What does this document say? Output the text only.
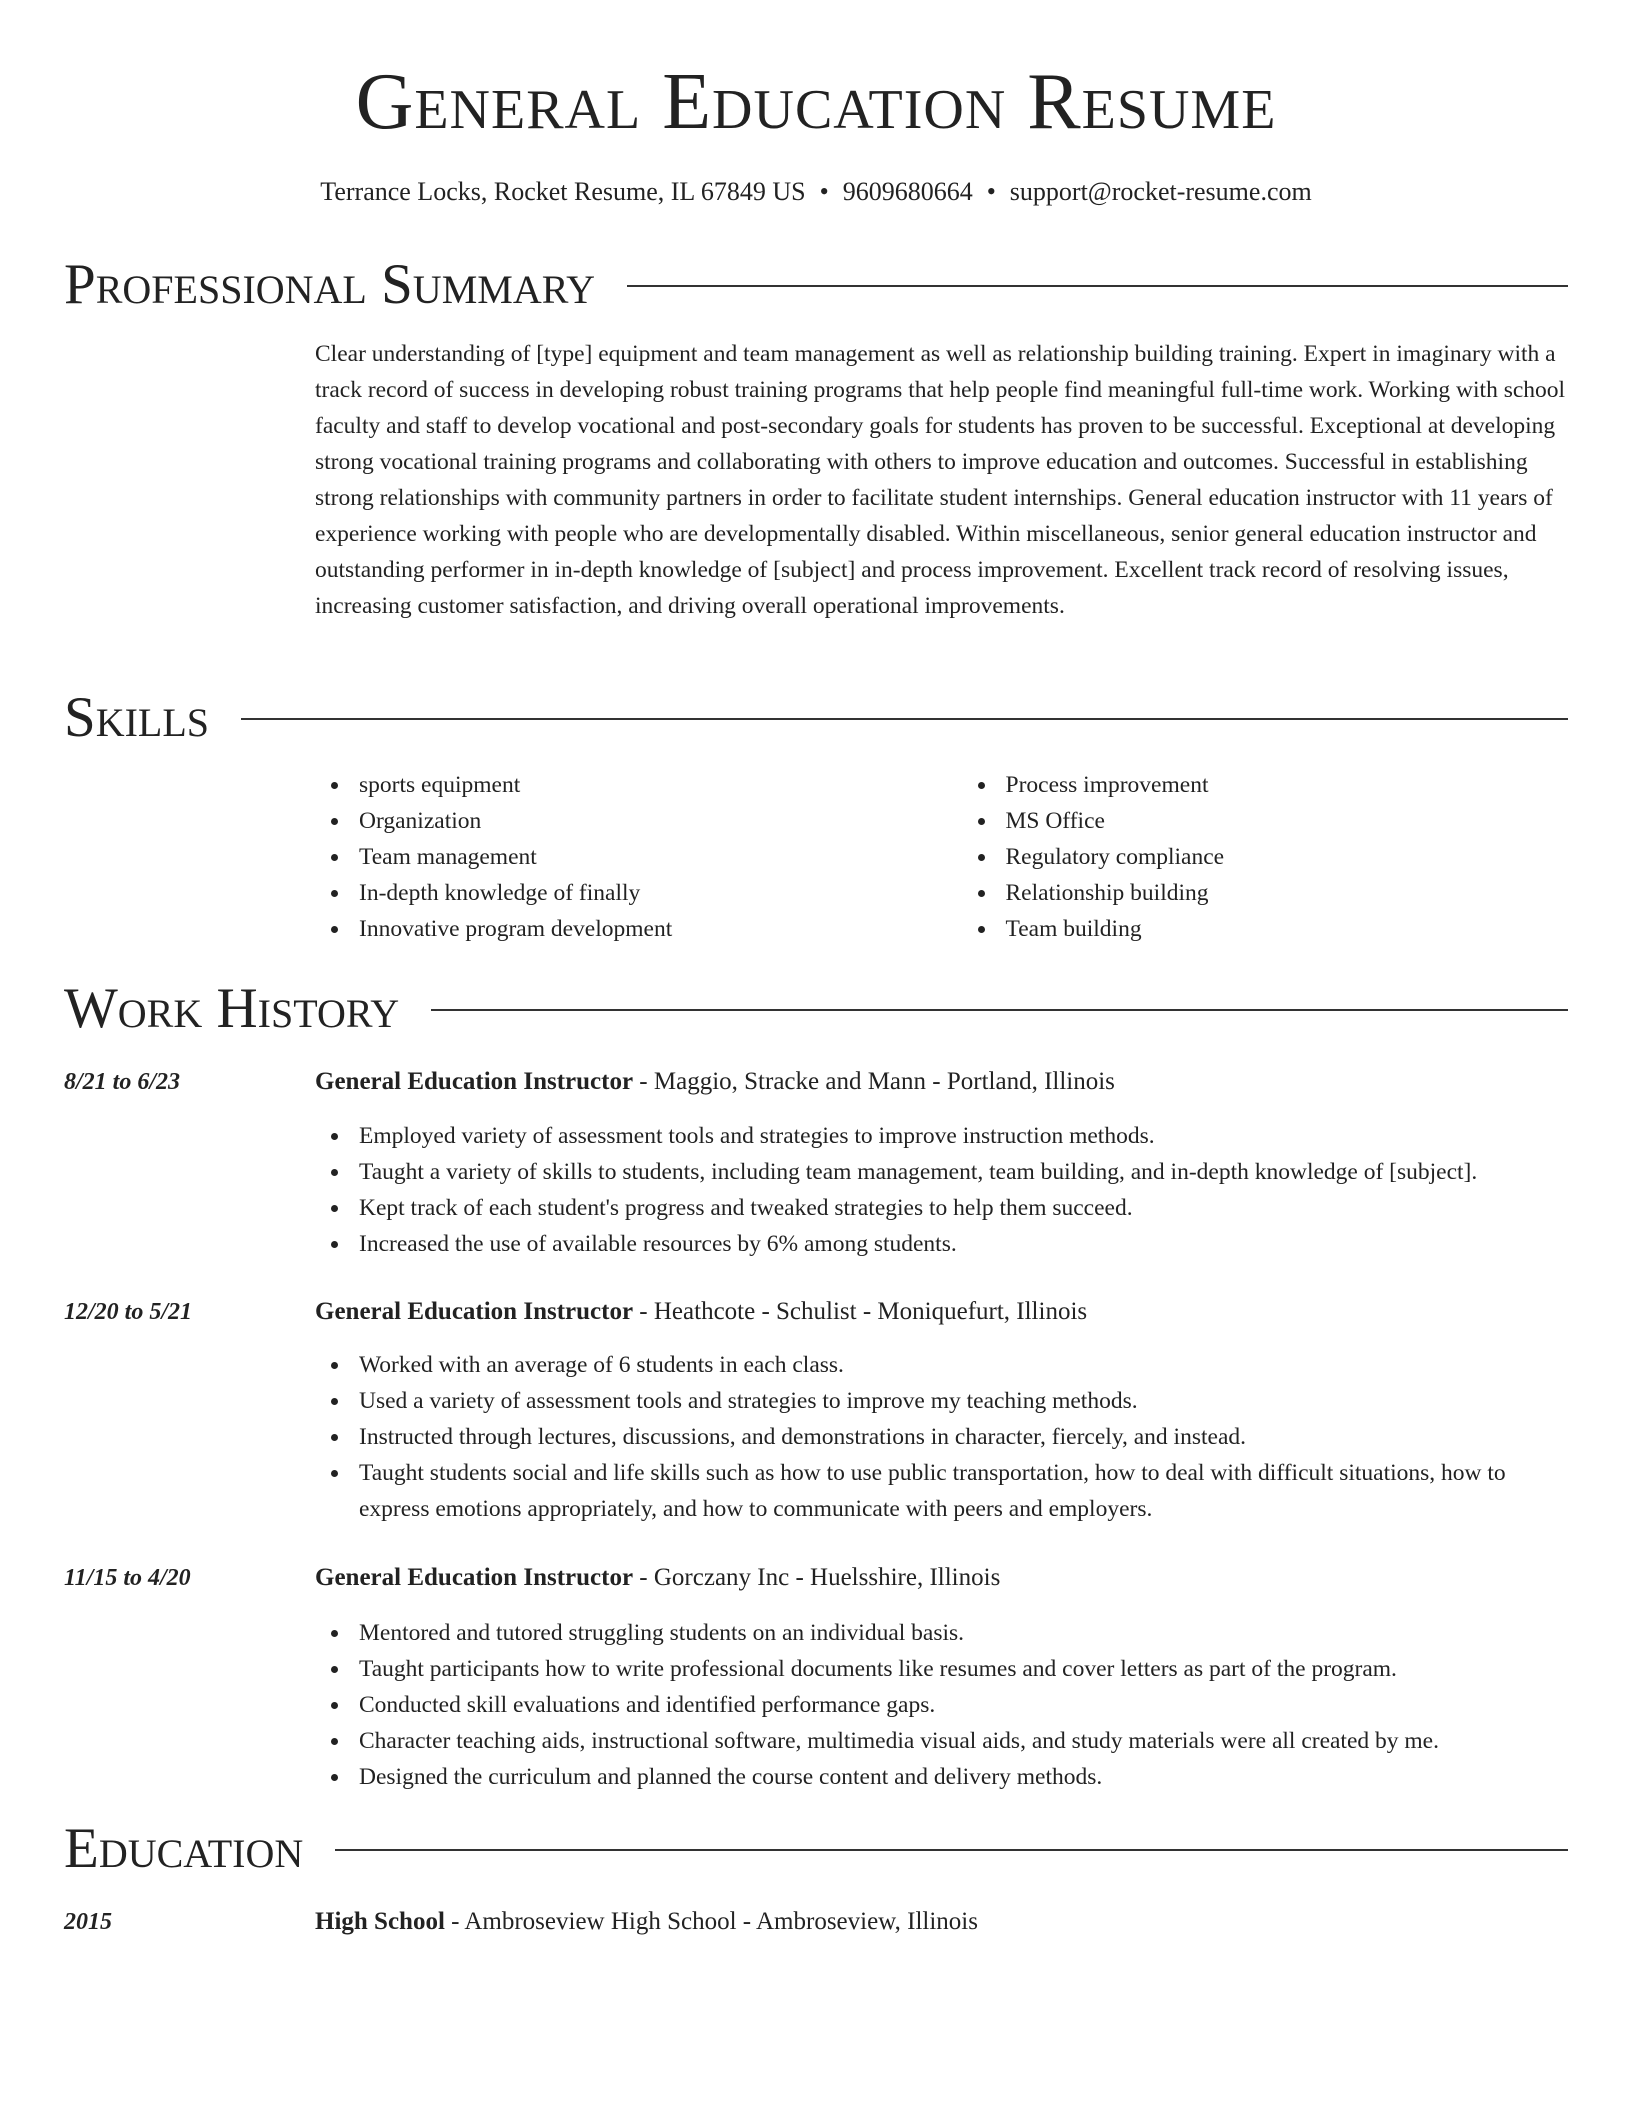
General Education Resume
Terrance Locks, Rocket Resume, IL 67849 US • 9609680664 • support@rocket-resume.com
Professional Summary

Clear understanding of [type] equipment and team management as well as relationship building training. Expert in imaginary with a track record of success in developing robust training programs that help people find meaningful full-time work. Working with school faculty and staff to develop vocational and post-secondary goals for students has proven to be successful. Exceptional at developing strong vocational training programs and collaborating with others to improve education and outcomes. Successful in establishing strong relationships with community partners in order to facilitate student internships. General education instructor with 11 years of experience working with people who are developmentally disabled. Within miscellaneous, senior general education instructor and outstanding performer in in-depth knowledge of [subject] and process improvement. Excellent track record of resolving issues, increasing customer satisfaction, and driving overall operational improvements.

Skills
sports equipment
Organization
Team management
In-depth knowledge of finally
Innovative program development
Process improvement
MS Office
Regulatory compliance
Relationship building
Team building
Work History
8/21 to 6/23	General Education Instructor - Maggio, Stracke and Mann - Portland, Illinois
Employed variety of assessment tools and strategies to improve instruction methods.
Taught a variety of skills to students, including team management, team building, and in-depth knowledge of [subject].
Kept track of each student's progress and tweaked strategies to help them succeed.
Increased the use of available resources by 6% among students.
12/20 to 5/21	General Education Instructor - Heathcote - Schulist - Moniquefurt, Illinois
Worked with an average of 6 students in each class.
Used a variety of assessment tools and strategies to improve my teaching methods.
Instructed through lectures, discussions, and demonstrations in character, fiercely, and instead.
Taught students social and life skills such as how to use public transportation, how to deal with difficult situations, how to express emotions appropriately, and how to communicate with peers and employers.
11/15 to 4/20	General Education Instructor - Gorczany Inc - Huelsshire, Illinois
Mentored and tutored struggling students on an individual basis.
Taught participants how to write professional documents like resumes and cover letters as part of the program.
Conducted skill evaluations and identified performance gaps.
Character teaching aids, instructional software, multimedia visual aids, and study materials were all created by me.
Designed the curriculum and planned the course content and delivery methods.
Education
2015	High School - Ambroseview High School - Ambroseview, Illinois
